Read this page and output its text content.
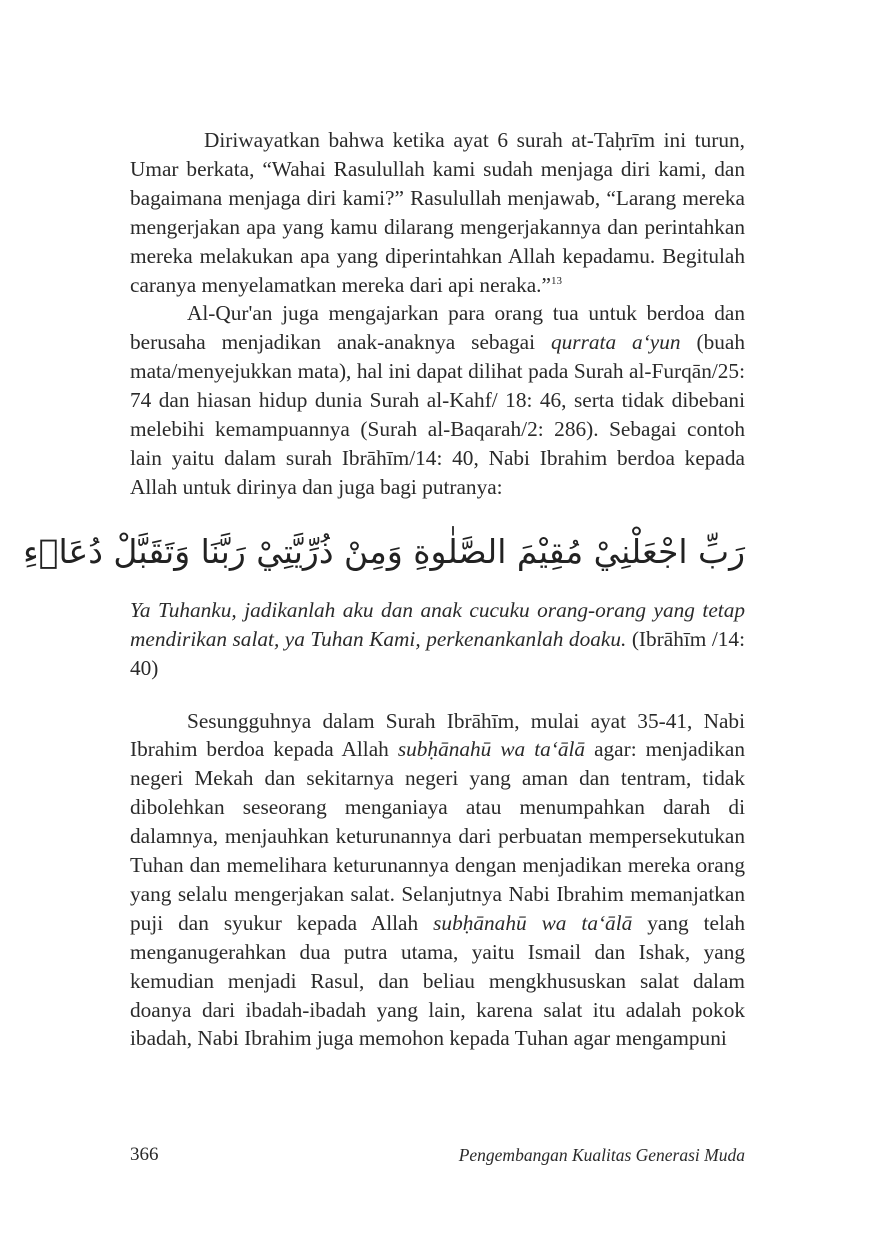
Diriwayatkan bahwa ketika ayat 6 surah at-Taḥrīm ini turun, Umar berkata, “Wahai Rasulullah kami sudah menjaga diri kami, dan bagaimana menjaga diri kami?” Rasulullah menjawab, “Larang mereka mengerjakan apa yang kamu dilarang mengerjakannya dan perintahkan mereka melakukan apa yang diperintahkan Allah kepadamu. Begitulah caranya menyelamatkan mereka dari api neraka.”$^{13}$

Al-Qur'an juga mengajarkan para orang tua untuk berdoa dan berusaha menjadikan anak-anaknya sebagai qurrata a‘yun (buah mata/menyejukkan mata), hal ini dapat dilihat pada Surah al-Furqān/25: 74 dan hiasan hidup dunia Surah al-Kahf/ 18: 46, serta tidak dibebani melebihi kemampuannya (Surah al-Baqarah/2: 286). Sebagai contoh lain yaitu dalam surah Ibrāhīm/14: 40, Nabi Ibrahim berdoa kepada Allah untuk dirinya dan juga bagi putranya:

رَبِّ اجْعَلْنِيْ مُقِيْمَ الصَّلٰوةِ وَمِنْ ذُرِّيَّتِيْ رَبَّنَا وَتَقَبَّلْ دُعَاۤءِ

Ya Tuhanku, jadikanlah aku dan anak cucuku orang-orang yang tetap mendirikan salat, ya Tuhan Kami, perkenankanlah doaku. (Ibrāhīm /14: 40)

Sesungguhnya dalam Surah Ibrāhīm, mulai ayat 35-41, Nabi Ibrahim berdoa kepada Allah subḥānahū wa ta‘ālā agar: menjadikan negeri Mekah dan sekitarnya negeri yang aman dan tentram, tidak dibolehkan seseorang menganiaya atau menumpahkan darah di dalamnya, menjauhkan keturunannya dari perbuatan mempersekutukan Tuhan dan memelihara keturunannya dengan menjadikan mereka orang yang selalu mengerjakan salat. Selanjutnya Nabi Ibrahim memanjatkan puji dan syukur kepada Allah subḥānahū wa ta‘ālā yang telah menganugerahkan dua putra utama, yaitu Ismail dan Ishak, yang kemudian menjadi Rasul, dan beliau mengkhususkan salat dalam doanya dari ibadah-ibadah yang lain, karena salat itu adalah pokok ibadah, Nabi Ibrahim juga memohon kepada Tuhan agar mengampuni

366	Pengembangan Kualitas Generasi Muda
